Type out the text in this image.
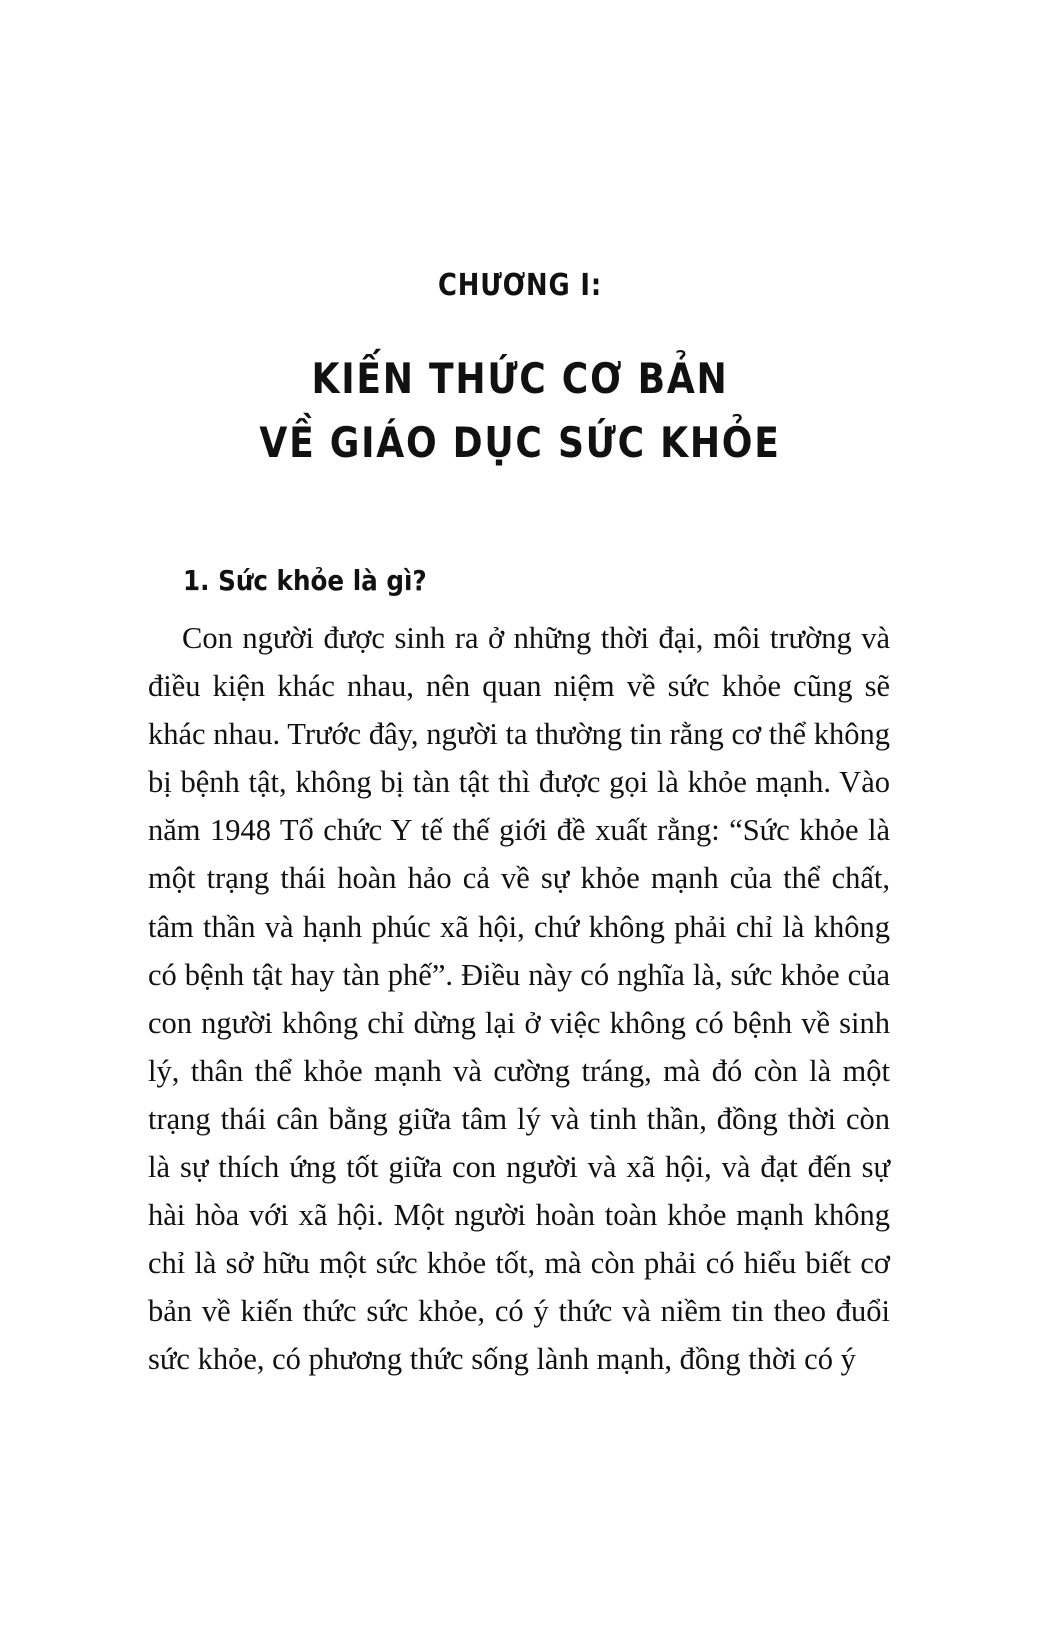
CHƯƠNG I:
KIẾN THỨC CƠ BẢN
VỀ GIÁO DỤC SỨC KHỎE
1. Sức khỏe là gì?

Con người được sinh ra ở những thời đại, môi trường và điều kiện khác nhau, nên quan niệm về sức khỏe cũng sẽ khác nhau. Trước đây, người ta thường tin rằng cơ thể không bị bệnh tật, không bị tàn tật thì được gọi là khỏe mạnh. Vào năm 1948 Tổ chức Y tế thế giới đề xuất rằng: “Sức khỏe là một trạng thái hoàn hảo cả về sự khỏe mạnh của thể chất, tâm thần và hạnh phúc xã hội, chứ không phải chỉ là không có bệnh tật hay tàn phế”. Điều này có nghĩa là, sức khỏe của con người không chỉ dừng lại ở việc không có bệnh về sinh lý, thân thể khỏe mạnh và cường tráng, mà đó còn là một trạng thái cân bằng giữa tâm lý và tinh thần, đồng thời còn là sự thích ứng tốt giữa con người và xã hội, và đạt đến sự hài hòa với xã hội. Một người hoàn toàn khỏe mạnh không chỉ là sở hữu một sức khỏe tốt, mà còn phải có hiểu biết cơ bản về kiến thức sức khỏe, có ý thức và niềm tin theo đuổi sức khỏe, có phương thức sống lành mạnh, đồng thời có ý
